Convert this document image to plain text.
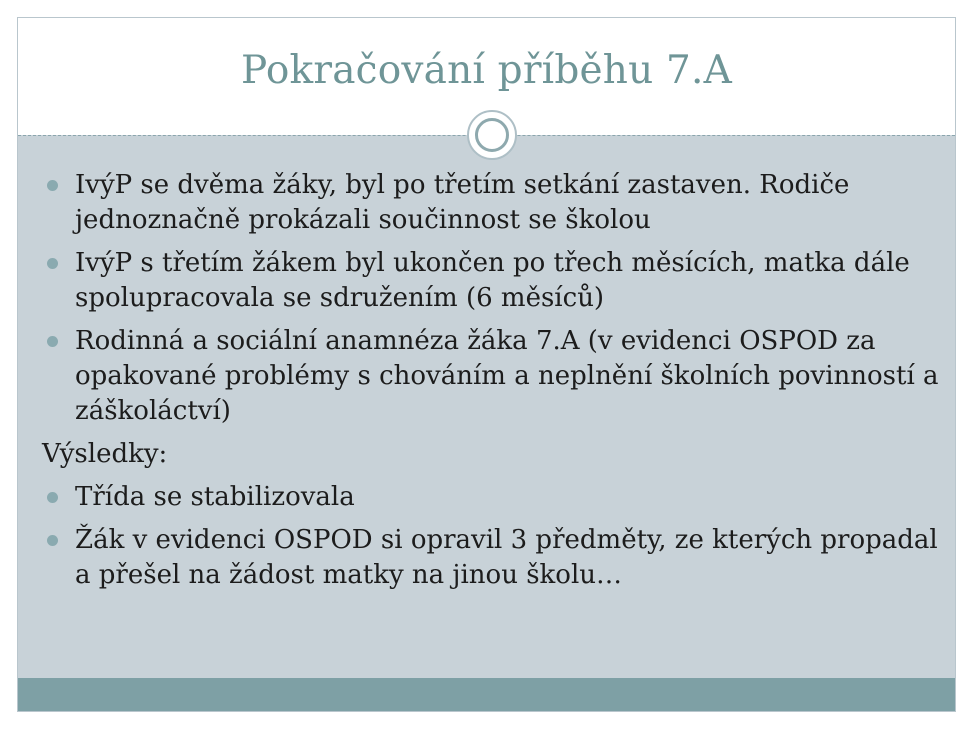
Pokračování příběhu 7.A
IvýP se dvěma žáky, byl po třetím setkání zastaven. Rodiče jednoznačně prokázali součinnost se školou
IvýP s třetím žákem byl ukončen po třech měsících, matka dále spolupracovala se sdružením (6 měsíců)
Rodinná a sociální anamnéza žáka 7.A (v evidenci OSPOD za opakované problémy s chováním a neplnění školních povinností a záškoláctví)
Výsledky:
Třída se stabilizovala
Žák v evidenci OSPOD si opravil 3 předměty, ze kterých propadal a přešel na žádost matky na jinou školu…
